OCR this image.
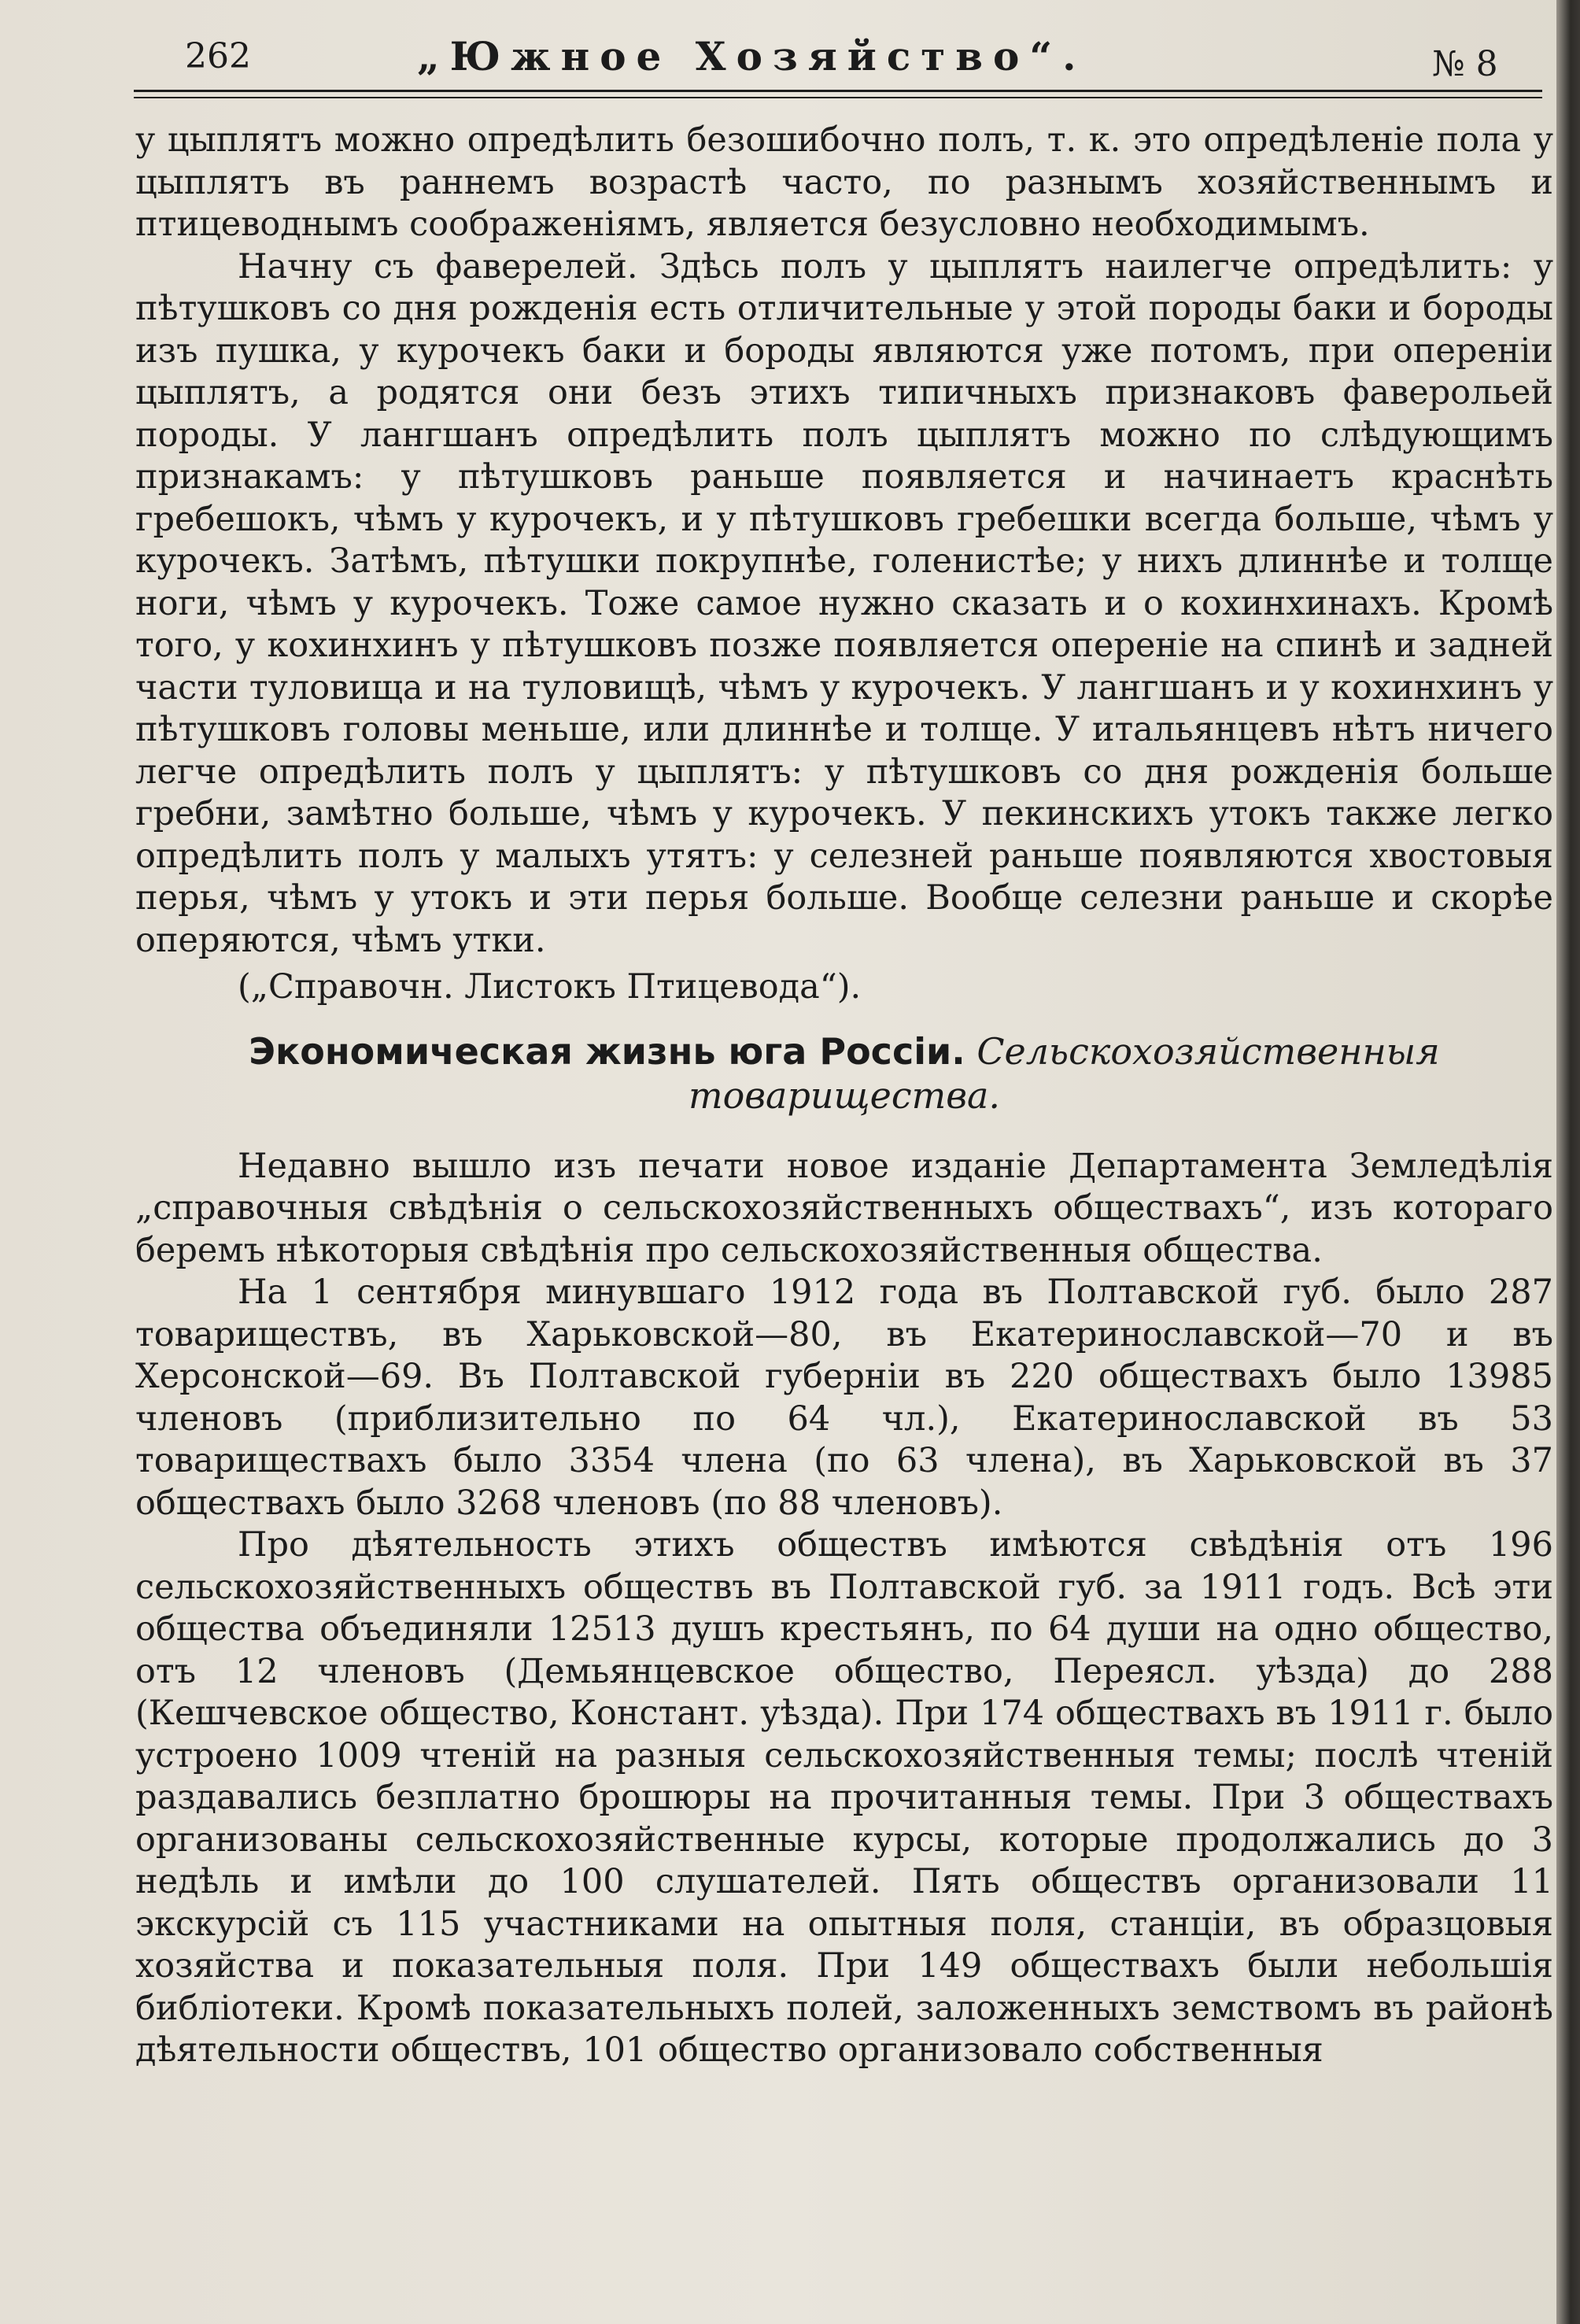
262	„Южное Хозяйство“.	№ 8

у цыплятъ можно опредѣлить безошибочно полъ, т. к. это опредѣленіе пола у цыплятъ въ раннемъ возрастѣ часто, по разнымъ хозяйственнымъ и птицеводнымъ соображеніямъ, является безусловно необходимымъ.

Начну съ фаверелей. Здѣсь полъ у цыплятъ наилегче опредѣлить: у пѣтушковъ со дня рожденія есть отличительные у этой породы баки и бороды изъ пушка, у курочекъ баки и бороды являются уже потомъ, при опереніи цыплятъ, а родятся они безъ этихъ типичныхъ признаковъ фаверольей породы. У лангшанъ опредѣлить полъ цыплятъ можно по слѣдующимъ признакамъ: у пѣтушковъ раньше появляется и начинаетъ краснѣть гребешокъ, чѣмъ у курочекъ, и у пѣтушковъ гребешки всегда больше, чѣмъ у курочекъ. Затѣмъ, пѣтушки покрупнѣе, голенистѣе; у нихъ длиннѣе и толще ноги, чѣмъ у курочекъ. Тоже самое нужно сказать и о кохинхинахъ. Кромѣ того, у кохинхинъ у пѣтушковъ позже появляется опереніе на спинѣ и задней части туловища и на туловищѣ, чѣмъ у курочекъ. У лангшанъ и у кохинхинъ у пѣтушковъ головы меньше, или длиннѣе и толще. У итальянцевъ нѣтъ ничего легче опредѣлить полъ у цыплятъ: у пѣтушковъ со дня рожденія больше гребни, замѣтно больше, чѣмъ у курочекъ. У пекинскихъ утокъ также легко опредѣлить полъ у малыхъ утятъ: у селезней раньше появляются хвостовыя перья, чѣмъ у утокъ и эти перья больше. Вообще селезни раньше и скорѣе оперяются, чѣмъ утки.

(„Справочн. Листокъ Птицевода“).

Экономическая жизнь юга Россіи. Сельскохозяйственныя товарищества.

Недавно вышло изъ печати новое изданіе Департамента Земледѣлія „справочныя свѣдѣнія о сельскохозяйственныхъ обществахъ“, изъ котораго беремъ нѣкоторыя свѣдѣнія про сельскохозяйственныя общества.

На 1 сентября минувшаго 1912 года въ Полтавской губ. было 287 товариществъ, въ Харьковской—80, въ Екатеринославской—70 и въ Херсонской—69. Въ Полтавской губерніи въ 220 обществахъ было 13985 членовъ (приблизительно по 64 чл.), Екатеринославской въ 53 товариществахъ было 3354 члена (по 63 члена), въ Харьковской въ 37 обществахъ было 3268 членовъ (по 88 членовъ).

Про дѣятельность этихъ обществъ имѣются свѣдѣнія отъ 196 сельскохозяйственныхъ обществъ въ Полтавской губ. за 1911 годъ. Всѣ эти общества объединяли 12513 душъ крестьянъ, по 64 души на одно общество, отъ 12 членовъ (Демьянцевское общество, Переясл. уѣзда) до 288 (Кешчевское общество, Констант. уѣзда). При 174 обществахъ въ 1911 г. было устроено 1009 чтеній на разныя сельскохозяйственныя темы; послѣ чтеній раздавались безплатно брошюры на прочитанныя темы. При 3 обществахъ организованы сельскохозяйственные курсы, которые продолжались до 3 недѣль и имѣли до 100 слушателей. Пять обществъ организовали 11 экскурсій съ 115 участниками на опытныя поля, станціи, въ образцовыя хозяйства и показательныя поля. При 149 обществахъ были небольшія библіотеки. Кромѣ показательныхъ полей, заложенныхъ земствомъ въ районѣ дѣятельности обществъ, 101 общество организовало собственныя
